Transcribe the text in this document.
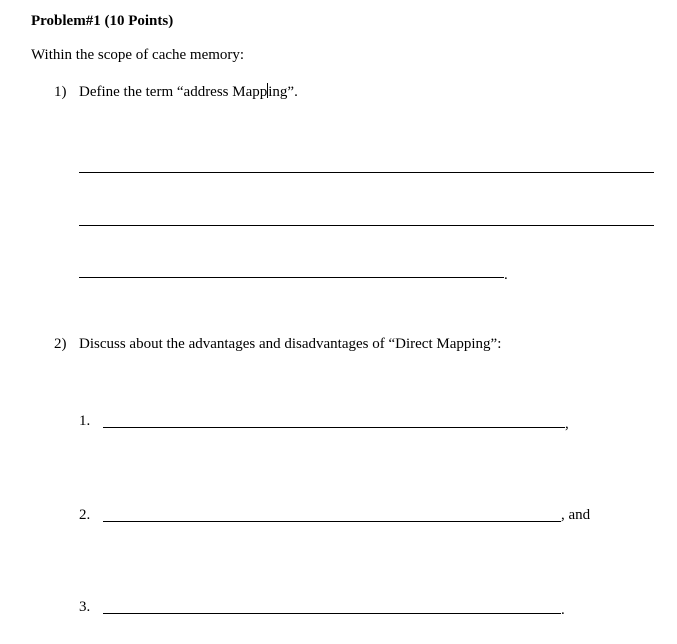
Problem#1 (10 Points)
Within the scope of cache memory:
1) Define the term “address Mapping”.
.
2) Discuss about the advantages and disadvantages of “Direct Mapping”:
1.	,
2.	, and
3.	.
